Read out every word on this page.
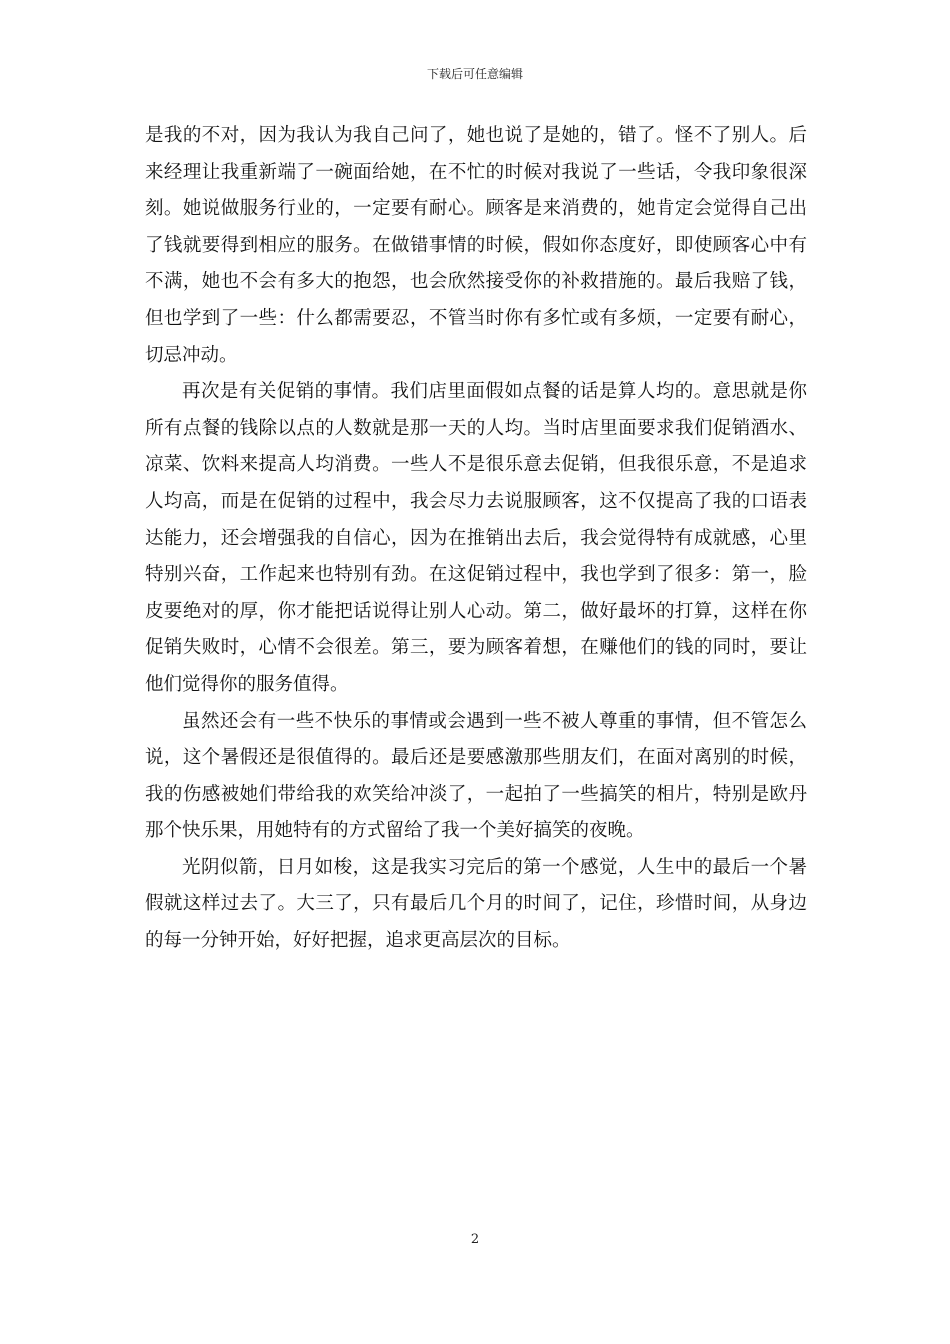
下载后可任意编辑

是我的不对，因为我认为我自己问了，她也说了是她的，错了。怪不了别人。后来经理让我重新端了一碗面给她，在不忙的时候对我说了一些话，令我印象很深刻。她说做服务行业的，一定要有耐心。顾客是来消费的，她肯定会觉得自己出了钱就要得到相应的服务。在做错事情的时候，假如你态度好，即使顾客心中有不满，她也不会有多大的抱怨，也会欣然接受你的补救措施的。最后我赔了钱，但也学到了一些：什么都需要忍，不管当时你有多忙或有多烦，一定要有耐心，切忌冲动。

再次是有关促销的事情。我们店里面假如点餐的话是算人均的。意思就是你所有点餐的钱除以点的人数就是那一天的人均。当时店里面要求我们促销酒水、凉菜、饮料来提高人均消费。一些人不是很乐意去促销，但我很乐意，不是追求人均高，而是在促销的过程中，我会尽力去说服顾客，这不仅提高了我的口语表达能力，还会增强我的自信心，因为在推销出去后，我会觉得特有成就感，心里特别兴奋，工作起来也特别有劲。在这促销过程中，我也学到了很多：第一，脸皮要绝对的厚，你才能把话说得让别人心动。第二，做好最坏的打算，这样在你促销失败时，心情不会很差。第三，要为顾客着想，在赚他们的钱的同时，要让他们觉得你的服务值得。

虽然还会有一些不快乐的事情或会遇到一些不被人尊重的事情，但不管怎么说，这个暑假还是很值得的。最后还是要感激那些朋友们，在面对离别的时候，我的伤感被她们带给我的欢笑给冲淡了，一起拍了一些搞笑的相片，特别是欧丹那个快乐果，用她特有的方式留给了我一个美好搞笑的夜晚。

光阴似箭，日月如梭，这是我实习完后的第一个感觉，人生中的最后一个暑假就这样过去了。大三了，只有最后几个月的时间了，记住，珍惜时间，从身边的每一分钟开始，好好把握，追求更高层次的目标。

2
